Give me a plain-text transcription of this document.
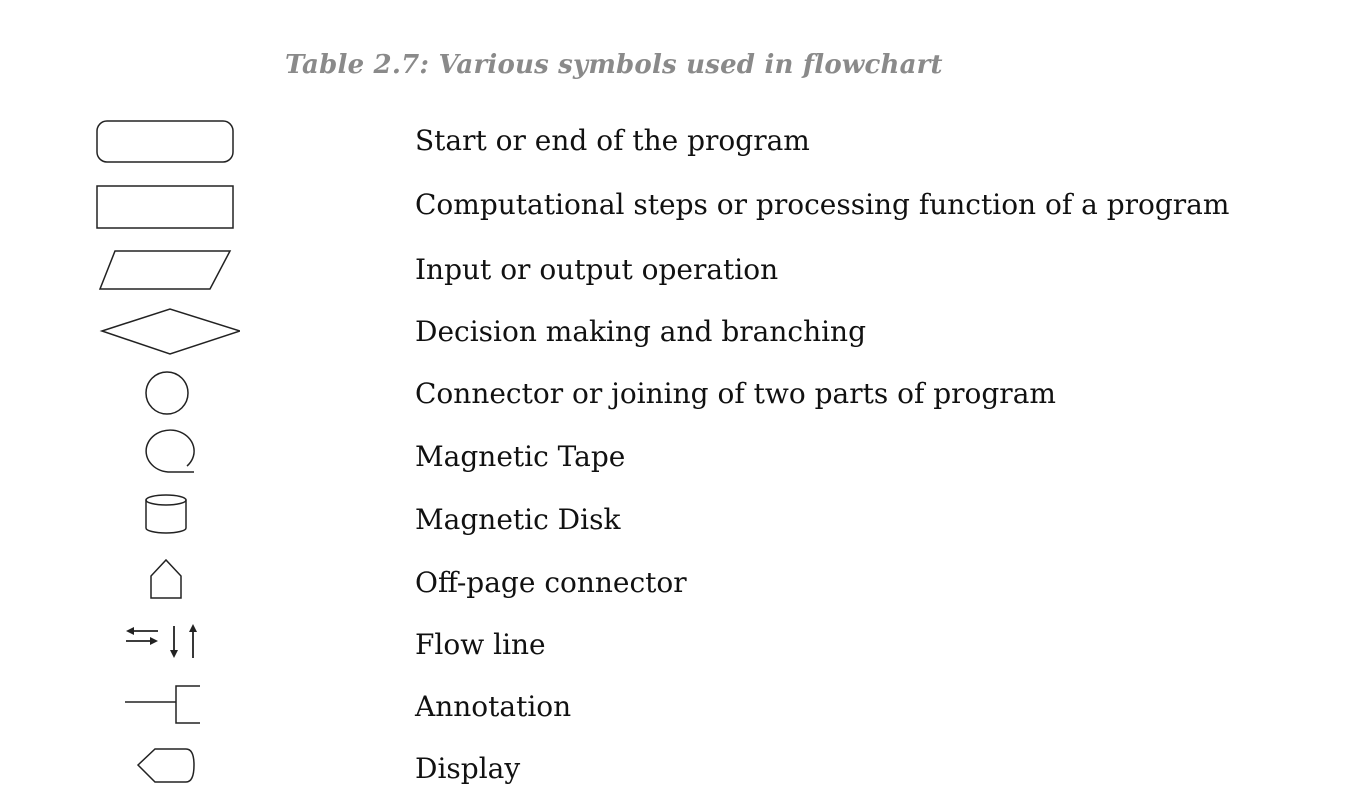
Table 2.7: Various symbols used in flowchart
Start or end of the program
Computational steps or processing function of a program
Input or output operation
Decision making and branching
Connector or joining of two parts of program
Magnetic Tape
Magnetic Disk
Off-page connector
Flow line
Annotation
Display
